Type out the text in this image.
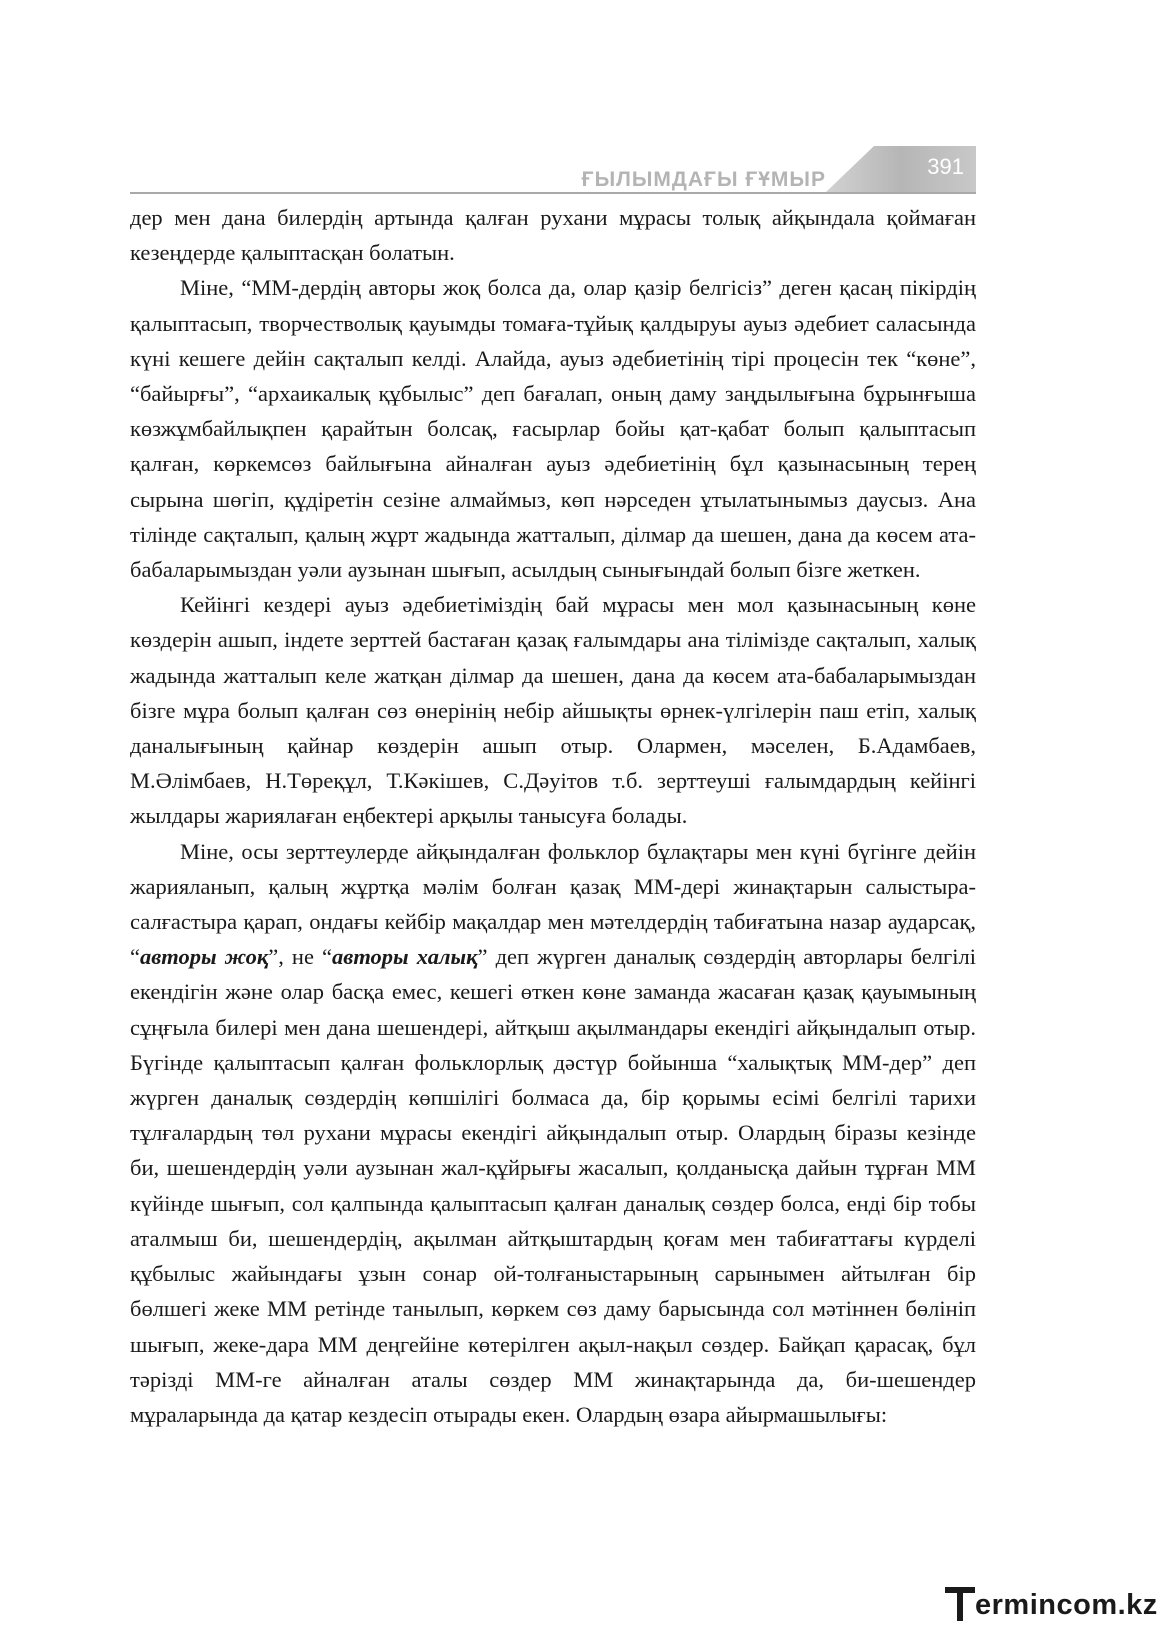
ҒЫЛЫМДАҒЫ ҒҰМЫР
391

дер мен дана билердің артында қалған рухани мұрасы толық айқындала қоймаған кезеңдерде қалыптасқан болатын.

Міне, “ММ-дердің авторы жоқ болса да, олар қазір белгісіз” деген қасаң пікірдің қалыптасып, творчестволық қауымды томаға-тұйық қалдыруы ауыз әдебиет саласында күні кешеге дейін сақталып келді. Алайда, ауыз әдебиетінің тірі процесін тек “көне”, “байырғы”, “архаикалық құбылыс” деп бағалап, оның даму заңдылығына бұрынғыша көзжұмбайлықпен қарайтын болсақ, ғасырлар бойы қат-қабат болып қалыптасып қалған, көркемсөз байлығына айналған ауыз әдебиетінің бұл қазынасының терең сырына шөгіп, құдіретін сезіне алмаймыз, көп нәрседен ұтылатынымыз даусыз. Ана тілінде сақталып, қалың жұрт жадында жатталып, ділмар да шешен, дана да көсем ата-бабаларымыздан уәли аузынан шығып, асылдың сынығындай болып бізге жеткен.

Кейінгі кездері ауыз әдебиетіміздің бай мұрасы мен мол қазынасының көне көздерін ашып, індете зерттей бастаған қазақ ғалымдары ана тілімізде сақталып, халық жадында жатталып келе жатқан ділмар да шешен, дана да көсем ата-бабаларымыздан бізге мұра болып қалған сөз өнерінің небір айшықты өрнек-үлгілерін паш етіп, халық даналығының қайнар көздерін ашып отыр. Олармен, мәселен, Б.Адамбаев, М.Әлімбаев, Н.Төреқұл, Т.Кәкішев, С.Дәуітов т.б. зерттеуші ғалымдардың кейінгі жылдары жариялаған еңбектері арқылы танысуға болады.

Міне, осы зерттеулерде айқындалған фольклор бұлақтары мен күні бүгінге дейін жарияланып, қалың жұртқа мәлім болған қазақ ММ-дері жинақтарын салыстыра-салғастыра қарап, ондағы кейбір мақалдар мен мәтелдердің табиғатына назар аударсақ, “авторы жоқ”, не “авторы халық” деп жүрген даналық сөздердің авторлары белгілі екендігін және олар басқа емес, кешегі өткен көне заманда жасаған қазақ қауымының сұңғыла билері мен дана шешендері, айтқыш ақылмандары екендігі айқындалып отыр. Бүгінде қалыптасып қалған фольклорлық дәстүр бойынша “халықтық ММ-дер” деп жүрген даналық сөздердің көпшілігі болмаса да, бір қорымы есімі белгілі тарихи тұлғалардың төл рухани мұрасы екендігі айқындалып отыр. Олардың біразы кезінде би, шешендердің уәли аузынан жал-құйрығы жасалып, қолданысқа дайын тұрған ММ күйінде шығып, сол қалпында қалыптасып қалған даналық сөздер болса, енді бір тобы аталмыш би, шешендердің, ақылман айтқыштардың қоғам мен табиғаттағы күрделі құбылыс жайындағы ұзын сонар ой-толғаныстарының сарынымен айтылған бір бөлшегі жеке ММ ретінде танылып, көркем сөз даму барысында сол мәтіннен бөлініп шығып, жеке-дара ММ деңгейіне көтерілген ақыл-нақыл сөздер. Байқап қарасақ, бұл тәрізді ММ-ге айналған аталы сөздер ММ жинақтарында да, би-шешендер мұраларында да қатар кездесіп отырады екен. Олардың өзара айырмашылығы:

ermincom.kz
